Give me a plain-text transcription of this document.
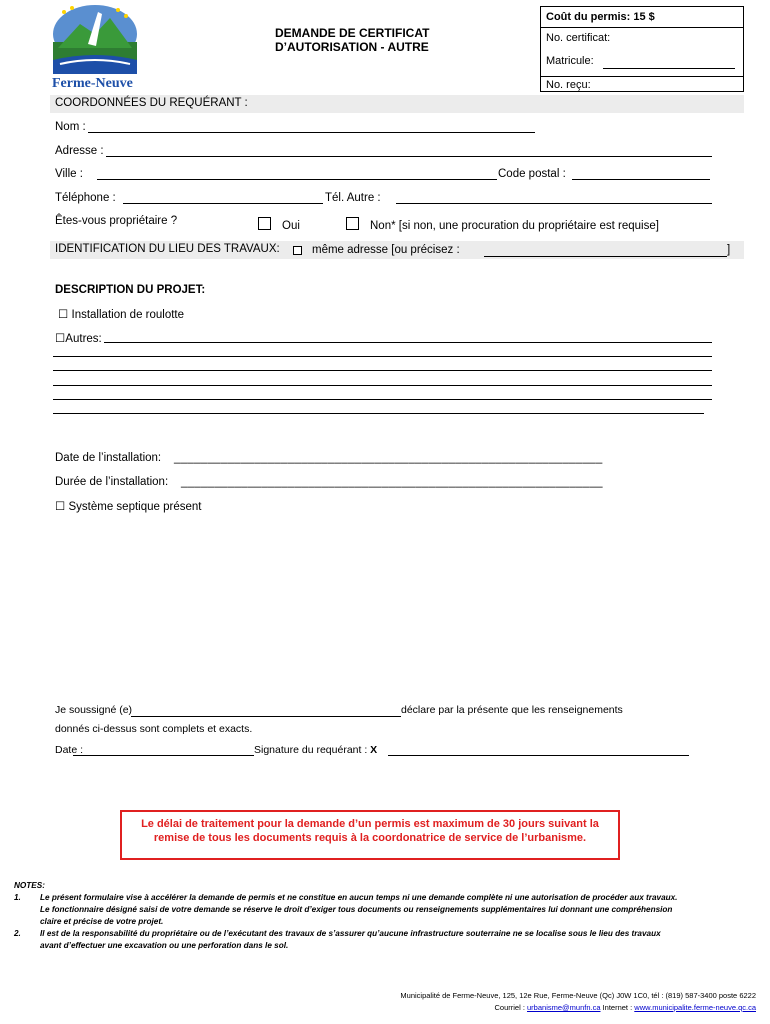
Ferme-Neuve
DEMANDE DE CERTIFICAT
D’AUTORISATION - AUTRE
Coût du permis: 15 $
No. certificat:
Matricule:
No. reçu:
COORDONNÉES DU REQUÉRANT :
Nom :
Adresse :
Ville :	Code postal :
Téléphone :	Tél. Autre :
Êtes-vous propriétaire ?	Oui	Non* [si non, une procuration du propriétaire est requise]
IDENTIFICATION DU LIEU DES TRAVAUX:	même adresse [ou précisez :	]
DESCRIPTION DU PROJET:
☐ Installation de roulotte
☐Autres:
Date de l’installation: ________________________________________________________________
Durée de l’installation: _______________________________________________________________
☐ Système septique présent
Je soussigné (e)	déclare par la présente que les renseignements
donnés ci-dessus sont complets et exacts.
Date :	Signature du requérant : X
Le délai de traitement pour la demande d’un permis est maximum de 30 jours suivant la remise de tous les documents requis à la coordonatrice de service de l’urbanisme.
NOTES:
1. Le présent formulaire vise à accélérer la demande de permis et ne constitue en aucun temps ni une demande complète ni une autorisation de procéder aux travaux.
Le fonctionnaire désigné saisi de votre demande se réserve le droit d’exiger tous documents ou renseignements supplémentaires lui donnant une compréhension
claire et précise de votre projet.
2. Il est de la responsabilité du propriétaire ou de l’exécutant des travaux de s’assurer qu’aucune infrastructure souterraine ne se localise sous le lieu des travaux
avant d’effectuer une excavation ou une perforation dans le sol.
Municipalité de Ferme-Neuve, 125, 12e Rue, Ferme-Neuve (Qc) J0W 1C0, tél : (819) 587-3400 poste 6222
Courriel : urbanisme@munfn.ca Internet : www.municipalite.ferme-neuve.qc.ca
